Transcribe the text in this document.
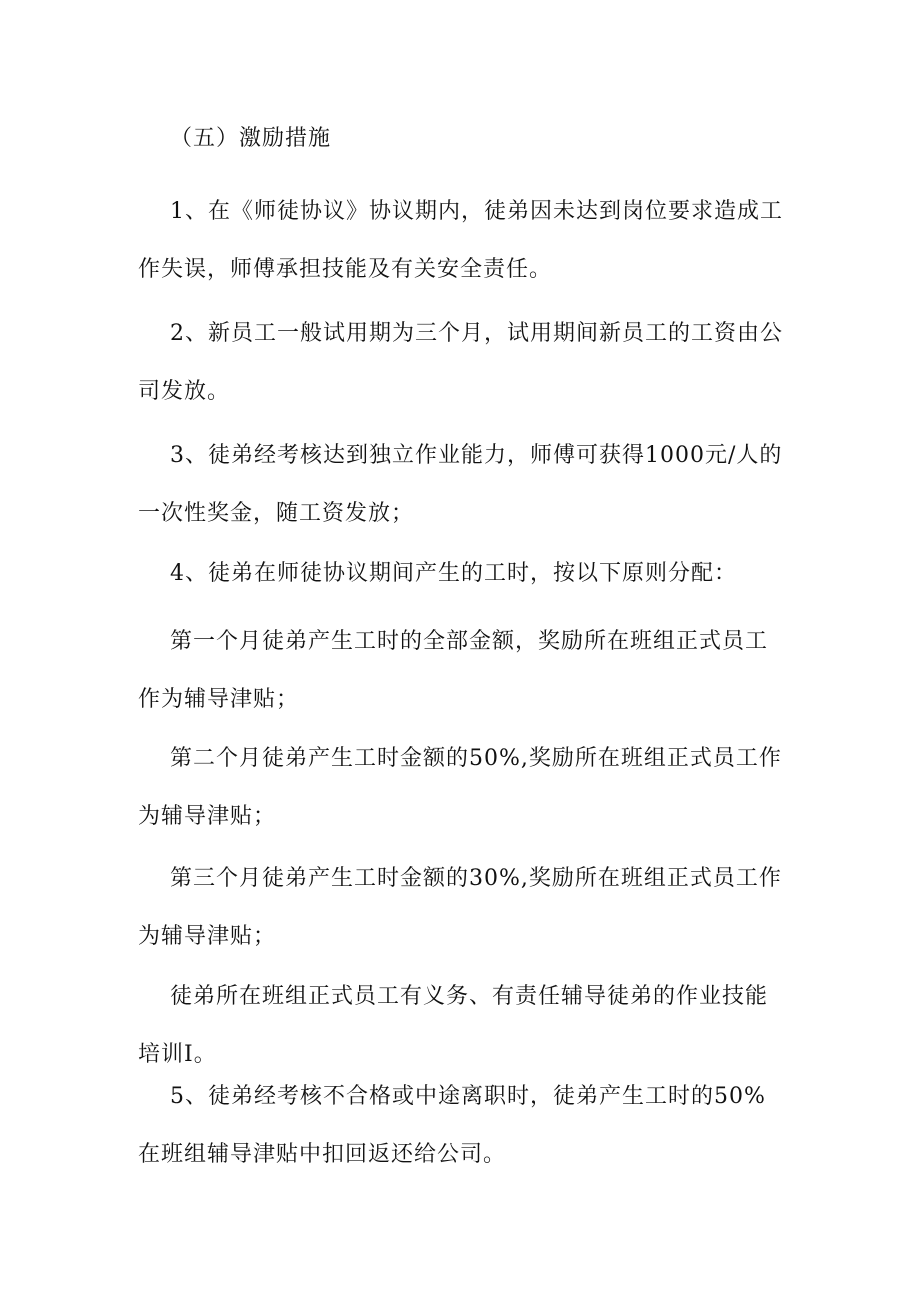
（五）激励措施

1、在《师徒协议》协议期内，徒弟因未达到岗位要求造成工作失误，师傅承担技能及有关安全责任。

2、新员工一般试用期为三个月，试用期间新员工的工资由公司发放。

3、徒弟经考核达到独立作业能力，师傅可获得1000元/人的一次性奖金，随工资发放；

4、徒弟在师徒协议期间产生的工时，按以下原则分配：

第一个月徒弟产生工时的全部金额，奖励所在班组正式员工作为辅导津贴；

第二个月徒弟产生工时金额的50%,奖励所在班组正式员工作为辅导津贴；

第三个月徒弟产生工时金额的30%,奖励所在班组正式员工作为辅导津贴；

徒弟所在班组正式员工有义务、有责任辅导徒弟的作业技能培训I。

5、徒弟经考核不合格或中途离职时，徒弟产生工时的50%在班组辅导津贴中扣回返还给公司。
